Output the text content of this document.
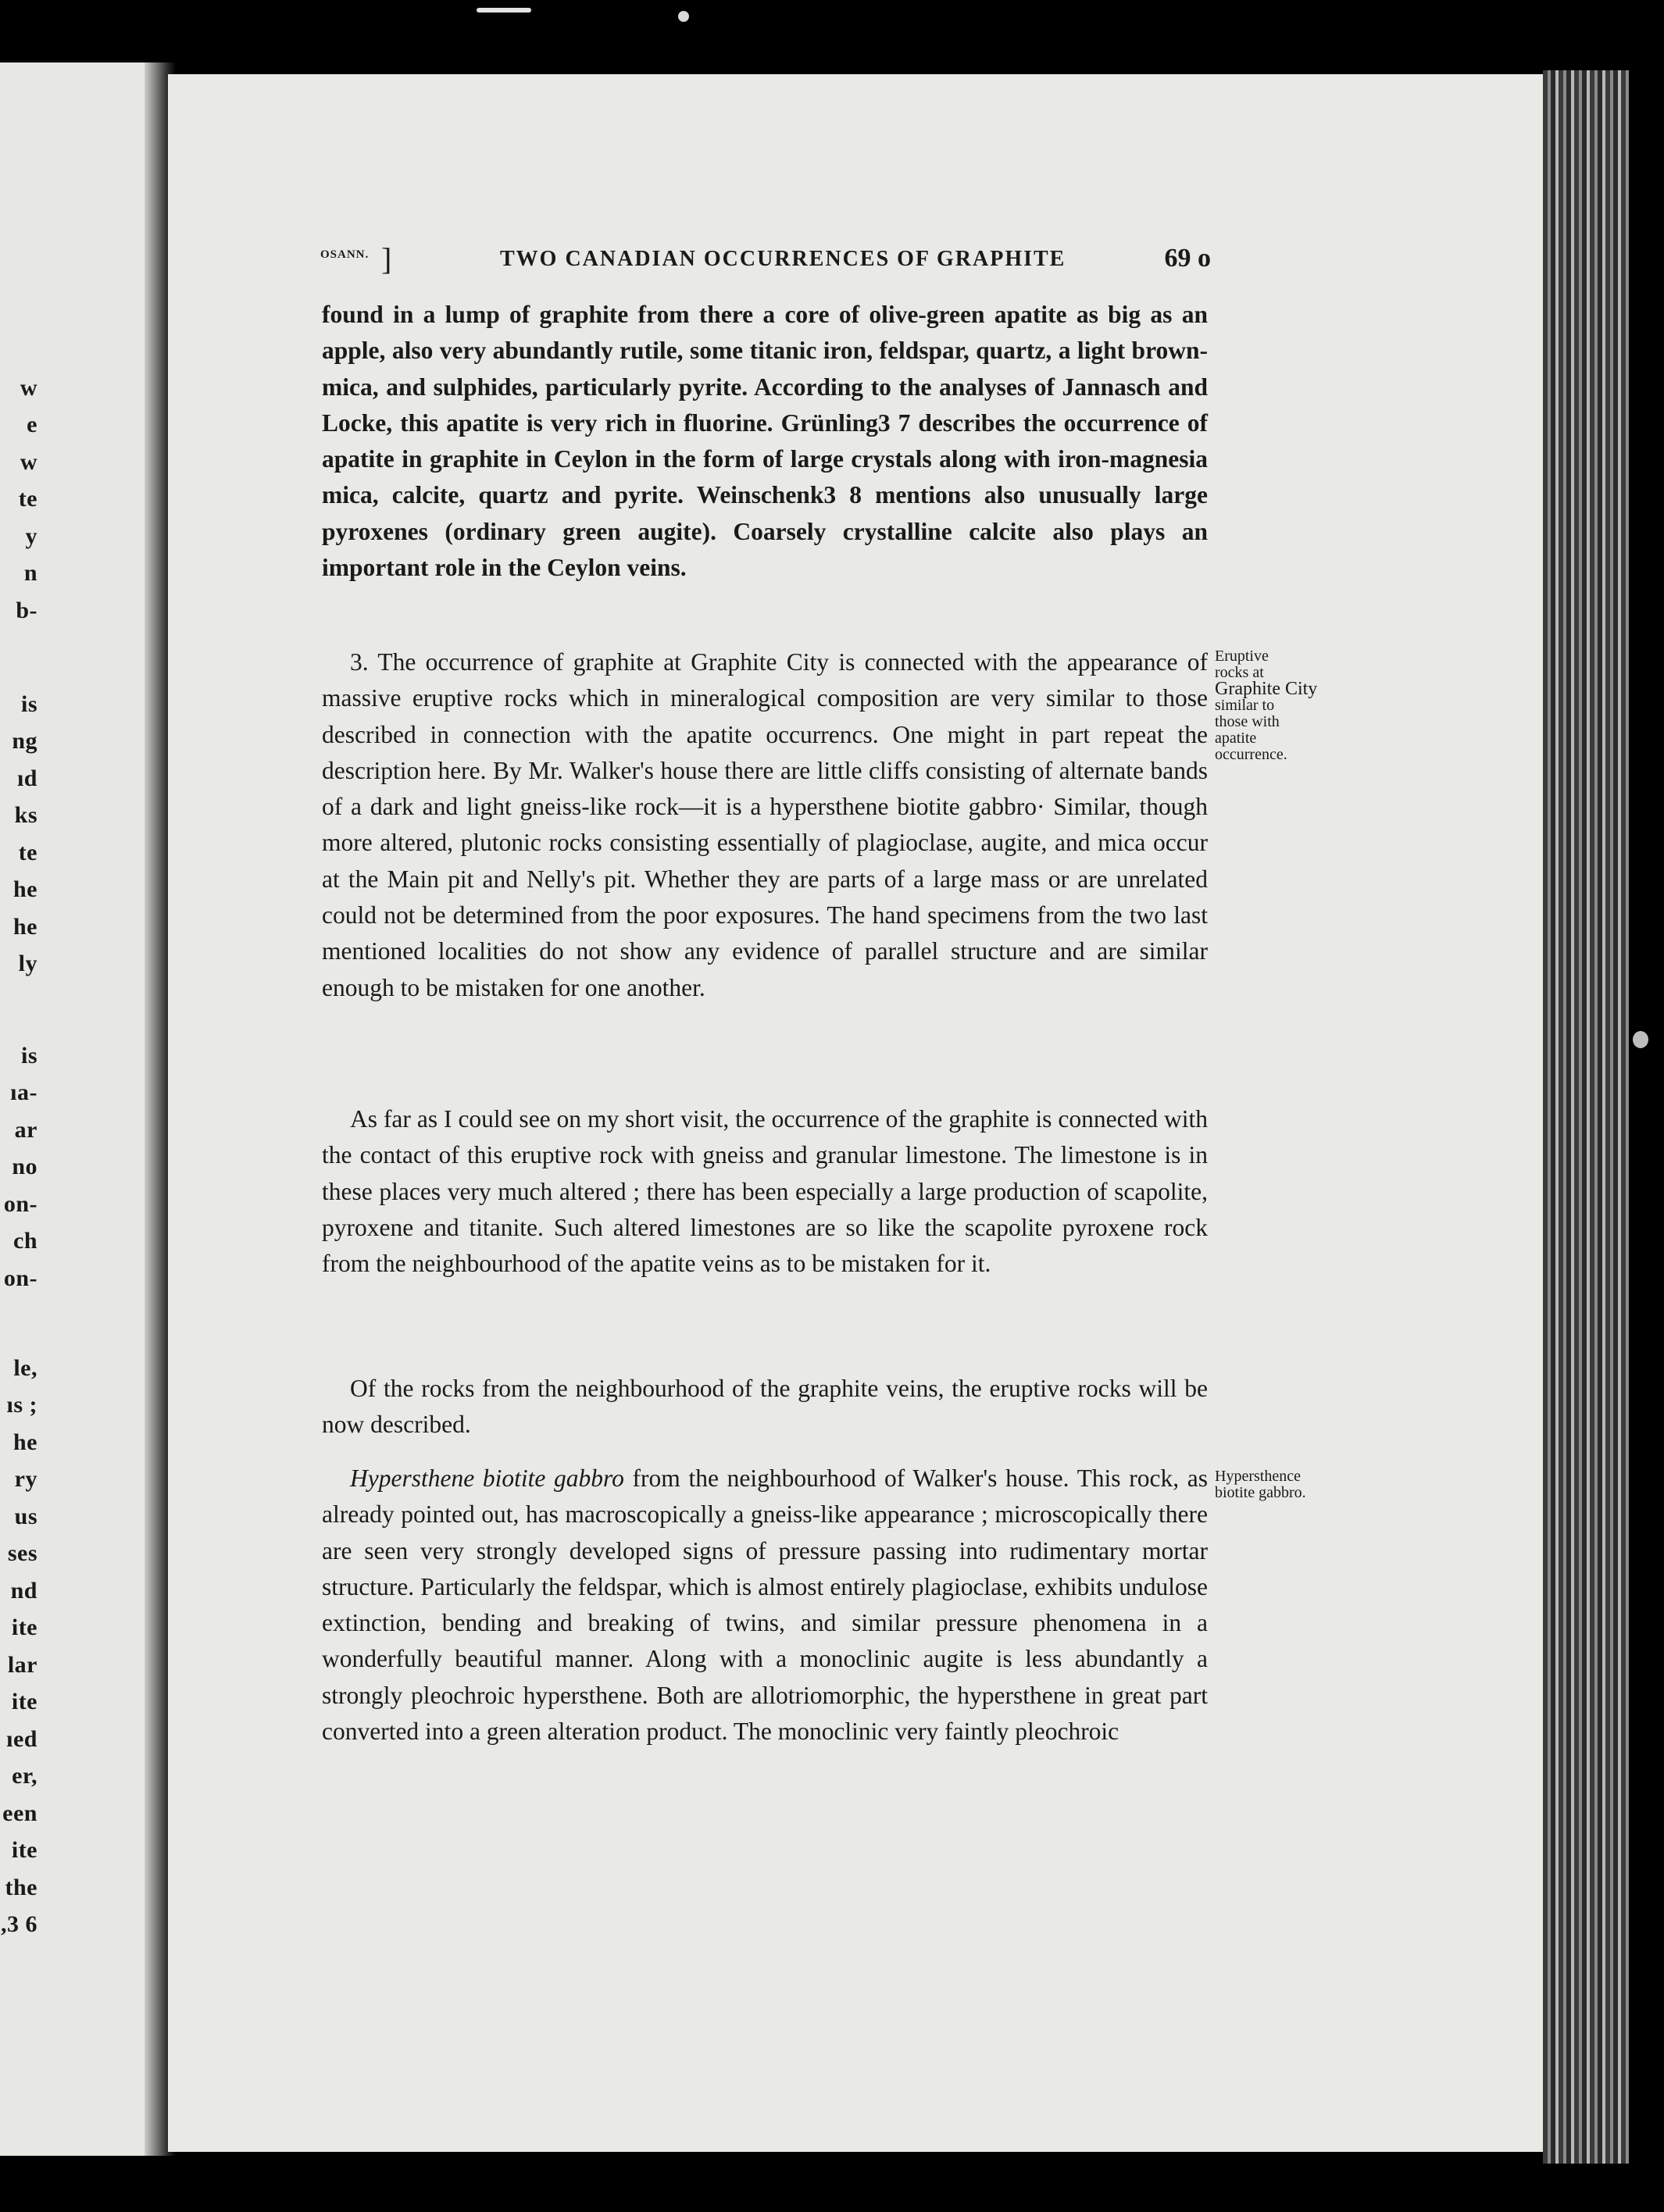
w
e
w
te
y
n
b-
is
ng
ıd
ks
te
he
he
ly
is
ıa-
ar
no
on-
ch
on-
le,
ıs ;
he
ry
us
ses
nd
ite
lar
ite
ıed
er,
een
ite
the
,3 6
OSANN. ]	TWO CANADIAN OCCURRENCES OF GRAPHITE	69 o

found in a lump of graphite from there a core of olive-green apatite as big as an apple, also very abundantly rutile, some titanic iron, feldspar, quartz, a light brown-mica, and sulphides, particularly pyrite. According to the analyses of Jannasch and Locke, this apatite is very rich in fluorine. Grünling3 7 describes the occurrence of apatite in graphite in Ceylon in the form of large crystals along with iron-magnesia mica, calcite, quartz and pyrite. Weinschenk3 8 mentions also unusually large pyroxenes (ordinary green augite). Coarsely crystalline calcite also plays an important role in the Ceylon veins.

3. The occurrence of graphite at Graphite City is connected with the appearance of massive eruptive rocks which in mineralogical composition are very similar to those described in connection with the apatite occurrencs. One might in part repeat the description here. By Mr. Walker's house there are little cliffs consisting of alternate bands of a dark and light gneiss-like rock—it is a hypersthene biotite gabbro· Similar, though more altered, plutonic rocks consisting essentially of plagioclase, augite, and mica occur at the Main pit and Nelly's pit. Whether they are parts of a large mass or are unrelated could not be determined from the poor exposures. The hand specimens from the two last mentioned localities do not show any evidence of parallel structure and are similar enough to be mistaken for one another.

As far as I could see on my short visit, the occurrence of the graphite is connected with the contact of this eruptive rock with gneiss and granular limestone. The limestone is in these places very much altered ; there has been especially a large production of scapolite, pyroxene and titanite. Such altered limestones are so like the scapolite pyroxene rock from the neighbourhood of the apatite veins as to be mistaken for it.

Of the rocks from the neighbourhood of the graphite veins, the eruptive rocks will be now described.

Hypersthene biotite gabbro from the neighbourhood of Walker's house. This rock, as already pointed out, has macroscopically a gneiss-like appearance ; microscopically there are seen very strongly developed signs of pressure passing into rudimentary mortar structure. Particularly the feldspar, which is almost entirely plagioclase, exhibits undulose extinction, bending and breaking of twins, and similar pressure phenomena in a wonderfully beautiful manner. Along with a monoclinic augite is less abundantly a strongly pleochroic hypersthene. Both are allotriomorphic, the hypersthene in great part converted into a green alteration product. The monoclinic very faintly pleochroic

Eruptive
rocks at
Graphite City
similar to
those with
apatite
occurrence.
Hypersthence
biotite gabbro.
